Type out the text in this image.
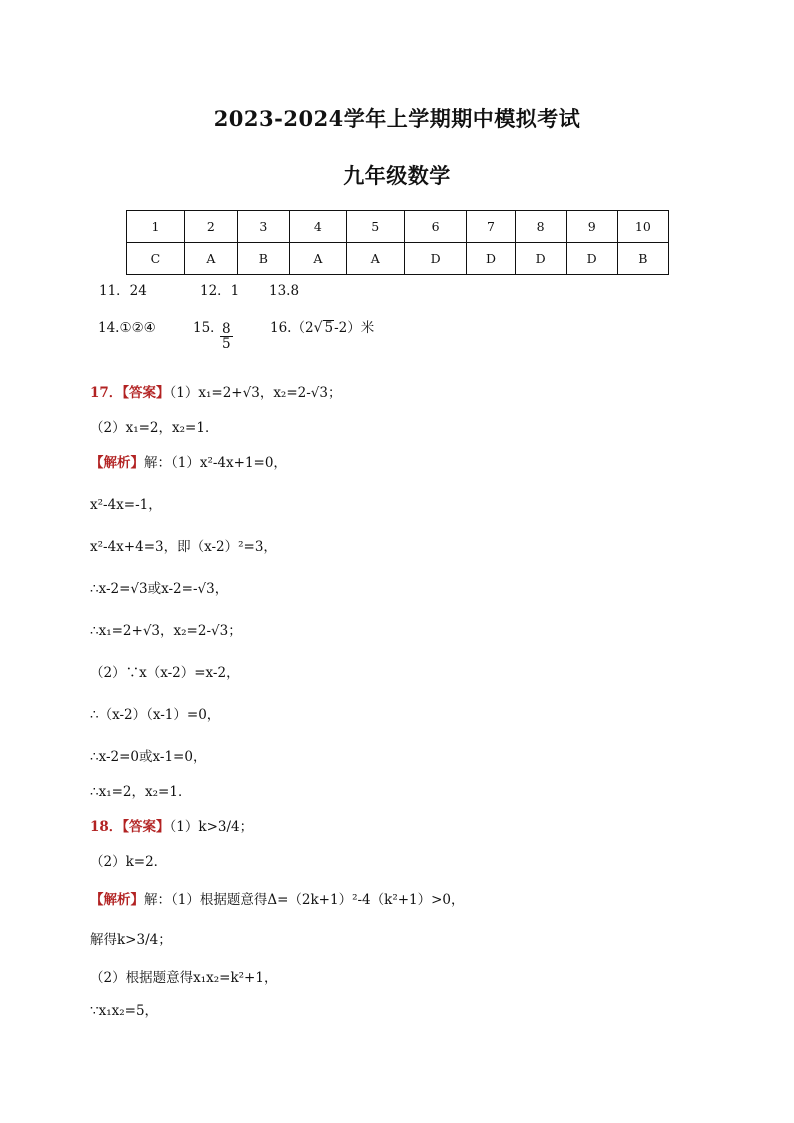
2023-2024学年上学期期中模拟考试
九年级数学
1	2	3	4	5	6	7	8	9	10
C	A	B	A	A	D	D	D	D	B
11．24	12．1 13.8
14.①②④	15．
$\frac{8}{5}$	16.（2√ 5-2）米
17．【答案】（1）x₁=2+√3，x₂=2-√3；
（2）x₁=2，x₂=1．
【解析】解：（1）x²-4x+1=0，
x²-4x=-1，
x²-4x+4=3，即（x-2）²=3，
∴x-2=√3或x-2=-√3，
∴x₁=2+√3，x₂=2-√3；
（2）∵x（x-2）=x-2，
∴（x-2）（x-1）=0，
∴x-2=0或x-1=0，
∴x₁=2，x₂=1．
18．【答案】（1）k>3/4；
（2）k=2．
【解析】解：（1）根据题意得Δ=（2k+1）²-4（k²+1）>0，
解得k>3/4；
（2）根据题意得x₁x₂=k²+1，
∵x₁x₂=5，
